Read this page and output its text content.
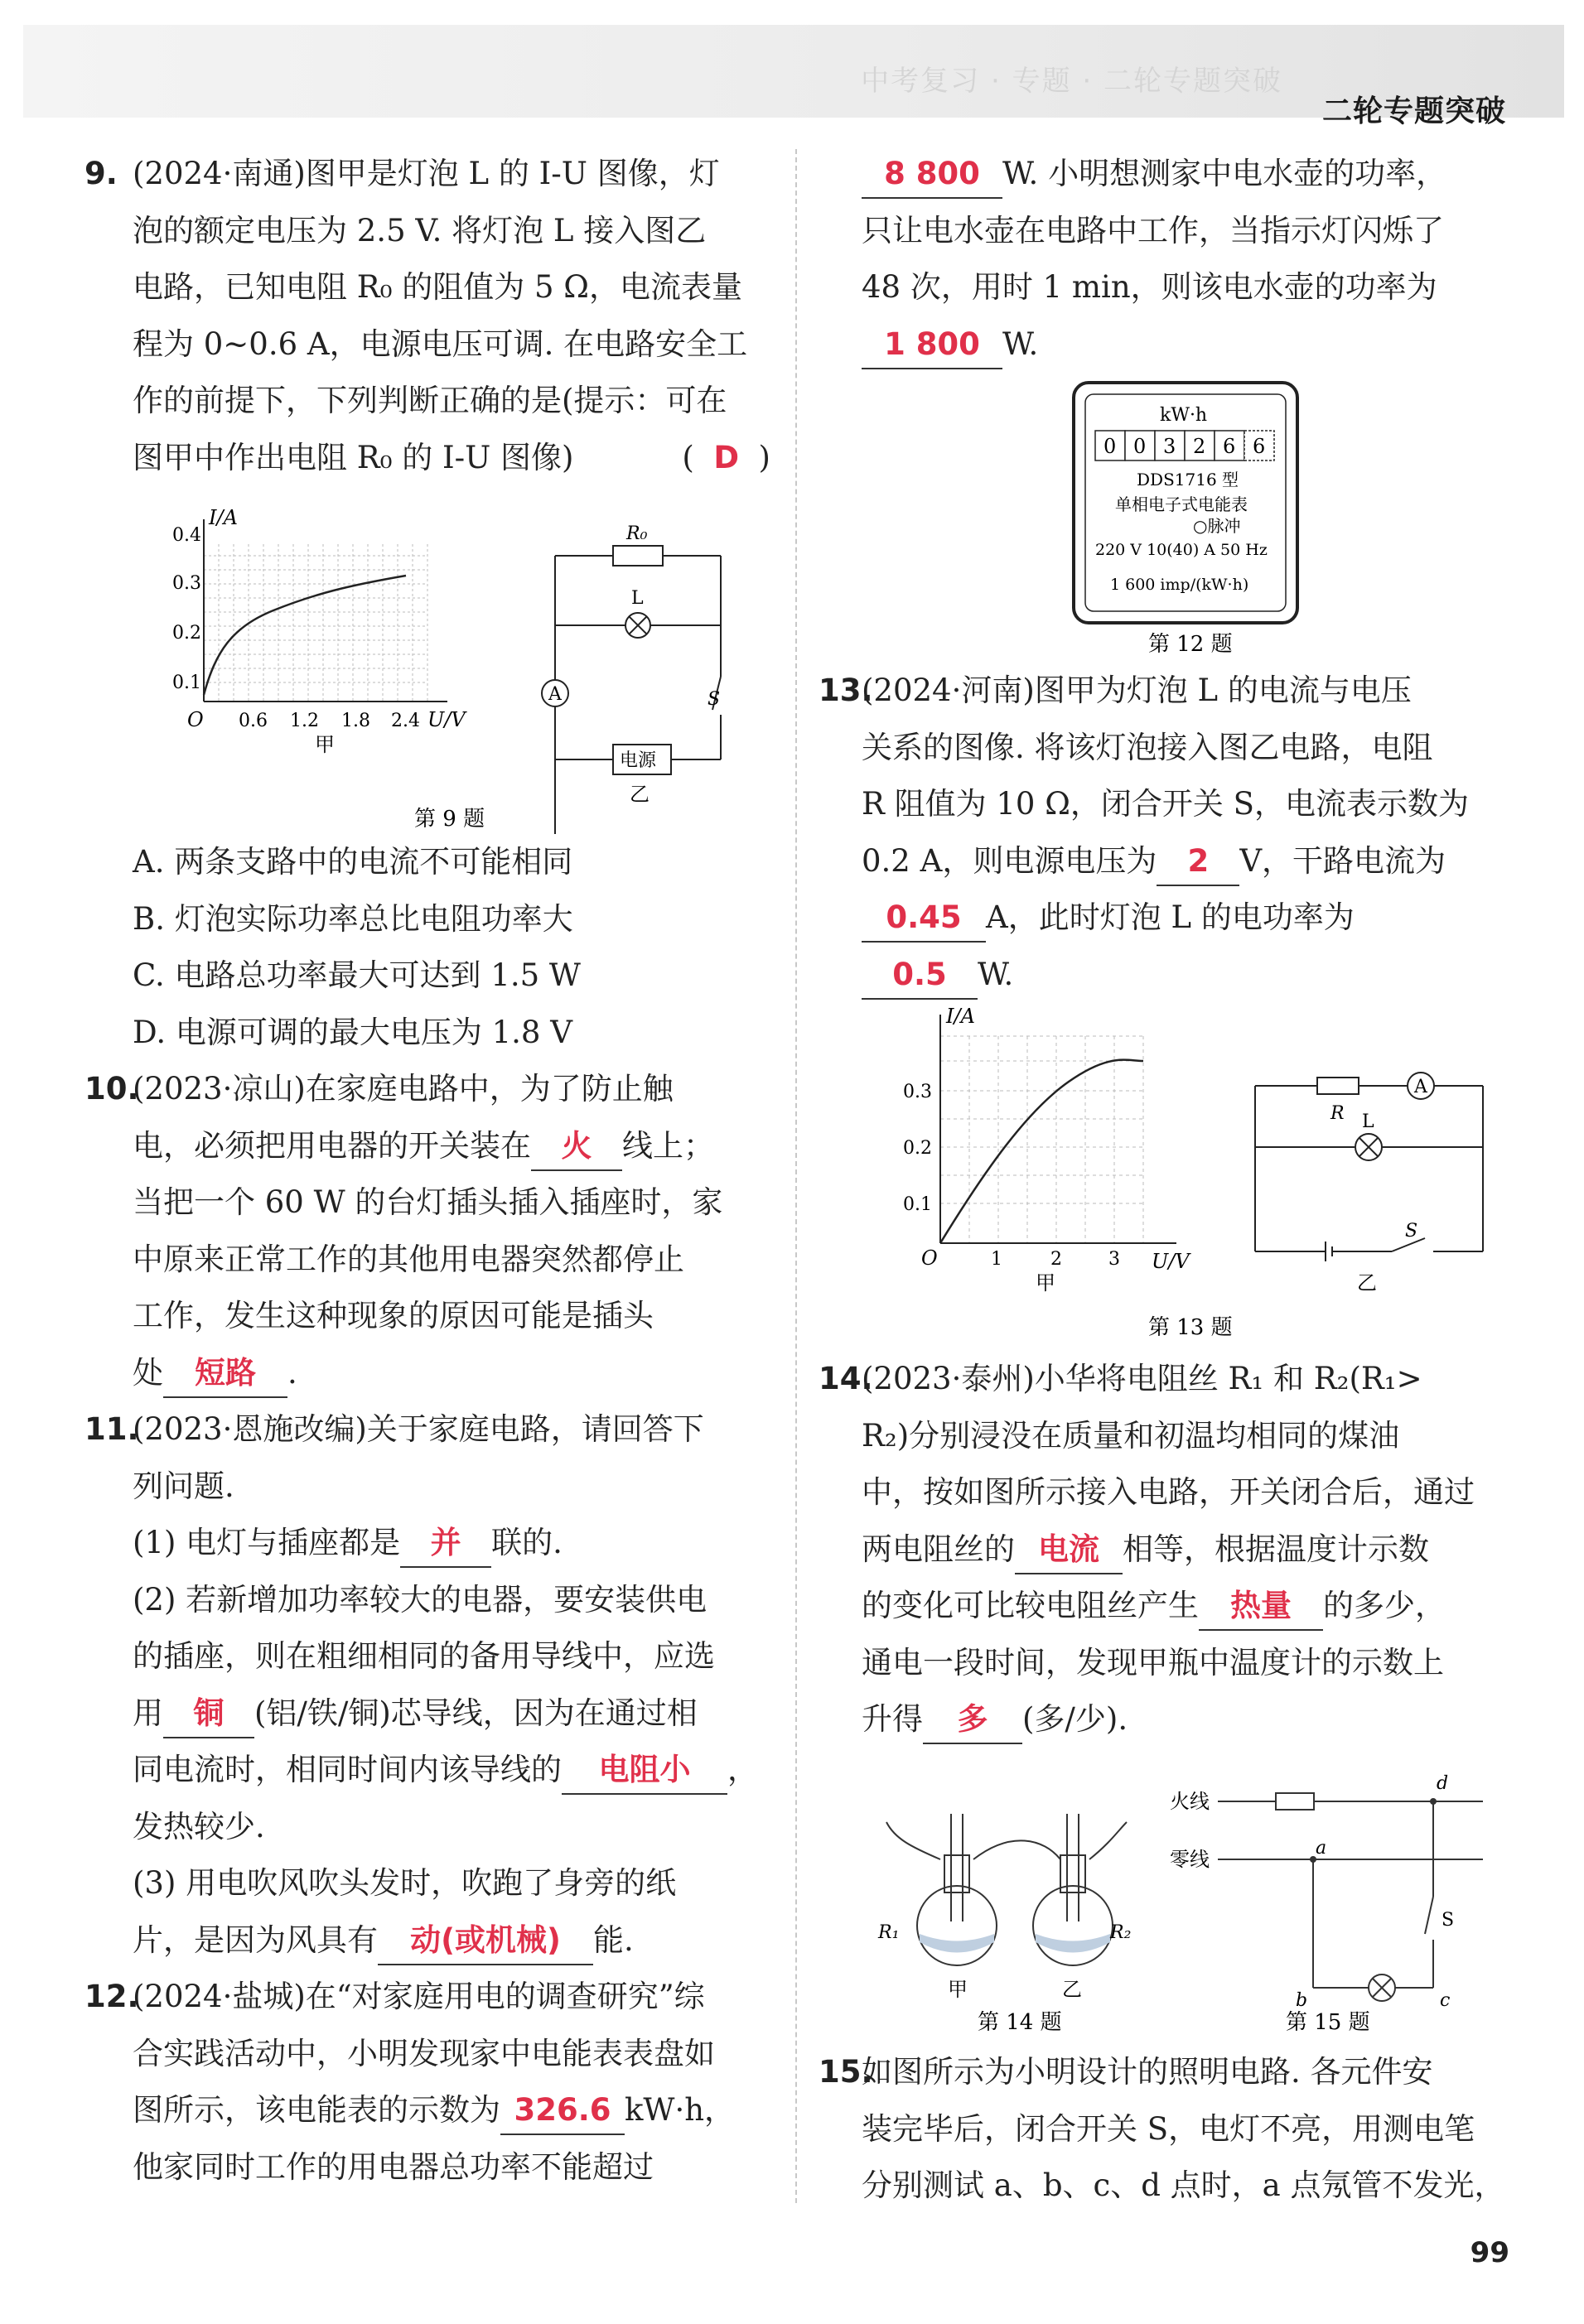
中考复习 · 专题 · 二轮专题突破
二轮专题突破
9. (2024·南通)图甲是灯泡 L 的 I-U 图像，灯
泡的额定电压为 2.5 V. 将灯泡 L 接入图乙
电路，已知电阻 R₀ 的阻值为 5 Ω，电流表量
程为 0~0.6 A，电源电压可调. 在电路安全工
作的前提下，下列判断正确的是(提示：可在
图甲中作出电阻 R₀ 的 I-U 图像)	(  D  )
I/A
U/V
O
0.1
0.2
0.3
0.4
0.6 1.2 1.8 2.4
甲
A
R₀
L
S
电源
乙
第 9 题
A. 两条支路中的电流不可能相同
B. 灯泡实际功率总比电阻功率大
C. 电路总功率最大可达到 1.5 W
D. 电源可调的最大电压为 1.8 V
10.
(2023·凉山)在家庭电路中，为了防止触
电，必须把用电器的开关装在 火 线上；
当把一个 60 W 的台灯插头插入插座时，家
中原来正常工作的其他用电器突然都停止
工作，发生这种现象的原因可能是插头
处 短路 .
11.
(2023·恩施改编)关于家庭电路，请回答下
列问题.
(1) 电灯与插座都是 并 联的.
(2) 若新增加功率较大的电器，要安装供电
的插座，则在粗细相同的备用导线中，应选
用 铜 (铝/铁/铜)芯导线，因为在通过相
同电流时，相同时间内该导线的 电阻小 ，
发热较少.
(3) 用电吹风吹头发时，吹跑了身旁的纸
片，是因为风具有 动(或机械) 能.
12.
(2024·盐城)在“对家庭用电的调查研究”综
合实践活动中，小明发现家中电能表表盘如
图所示，该电能表的示数为 326.6 kW·h，
他家同时工作的用电器总功率不能超过
8 800 W. 小明想测家中电水壶的功率，
只让电水壶在电路中工作，当指示灯闪烁了
48 次，用时 1 min，则该电水壶的功率为
1 800 W.
kW·h
0 0 3 2 6 6
DDS1716 型
单相电子式电能表
○脉冲
220 V 10(40) A 50 Hz
1 600 imp/(kW·h)
第 12 题
13.
(2024·河南)图甲为灯泡 L 的电流与电压
关系的图像. 将该灯泡接入图乙电路，电阻
R 阻值为 10 Ω，闭合开关 S，电流表示数为
0.2 A，则电源电压为 2 V，干路电流为
0.45 A，此时灯泡 L 的电功率为
0.5 W.
I/A
U/V
O
0.1
0.2
0.3
1	2	3
甲
A
R L
S
乙
第 13 题
14.
(2023·泰州)小华将电阻丝 R₁ 和 R₂(R₁>
R₂)分别浸没在质量和初温均相同的煤油
中，按如图所示接入电路，开关闭合后，通过
两电阻丝的 电流 相等，根据温度计示数
的变化可比较电阻丝产生 热量 的多少，
通电一段时间，发现甲瓶中温度计的示数上
升得 多 (多/少).
R₁	R₂
甲	乙
第 14 题
火线
零线	a
b	c
d
S
第 15 题
15.
如图所示为小明设计的照明电路. 各元件安
装完毕后，闭合开关 S，电灯不亮，用测电笔
分别测试 a、b、c、d 点时，a 点氖管不发光，
99
